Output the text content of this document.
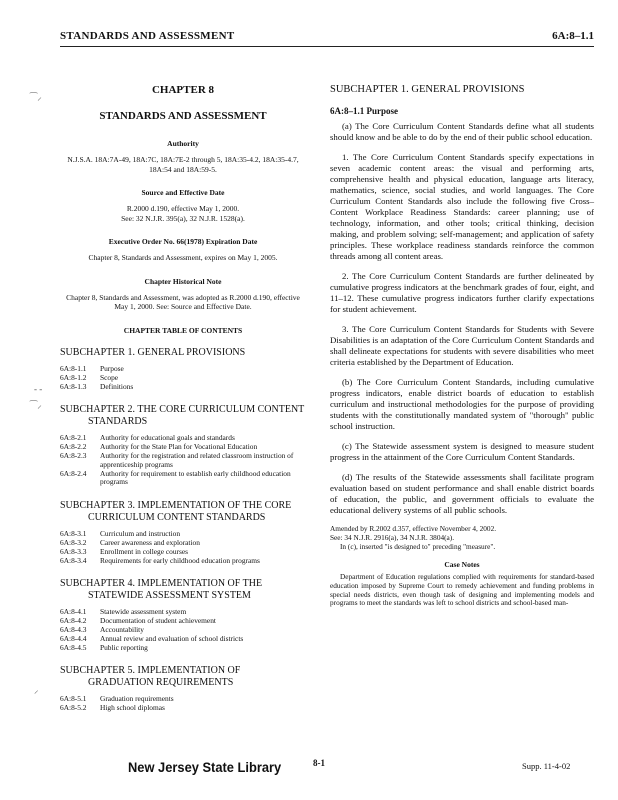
STANDARDS AND ASSESSMENT	6A:8–1.1
⁀⸝
‐ ‐
⁀⸝
⸝
CHAPTER 8
STANDARDS AND ASSESSMENT
Authority
N.J.S.A. 18A:7A-49, 18A:7C, 18A:7E-2 through 5, 18A:35-4.2, 18A:35-4.7, 18A:54 and 18A:59-5.
Source and Effective Date
R.2000 d.190, effective May 1, 2000.
See: 32 N.J.R. 395(a), 32 N.J.R. 1528(a).
Executive Order No. 66(1978) Expiration Date
Chapter 8, Standards and Assessment, expires on May 1, 2005.
Chapter Historical Note
Chapter 8, Standards and Assessment, was adopted as R.2000 d.190, effective May 1, 2000. See: Source and Effective Date.
CHAPTER TABLE OF CONTENTS
SUBCHAPTER 1. GENERAL PROVISIONS
6A:8-1.1	Purpose
6A:8-1.2	Scope
6A:8-1.3	Definitions
SUBCHAPTER 2. THE CORE CURRICULUM CONTENT
STANDARDS
6A:8-2.1	Authority for educational goals and standards
6A:8-2.2	Authority for the State Plan for Vocational Education
6A:8-2.3	Authority for the registration and related classroom instruction of apprenticeship programs
6A:8-2.4	Authority for requirement to establish early childhood education programs
SUBCHAPTER 3. IMPLEMENTATION OF THE CORE
CURRICULUM CONTENT STANDARDS
6A:8-3.1	Curriculum and instruction
6A:8-3.2	Career awareness and exploration
6A:8-3.3	Enrollment in college courses
6A:8-3.4	Requirements for early childhood education programs
SUBCHAPTER 4. IMPLEMENTATION OF THE
STATEWIDE ASSESSMENT SYSTEM
6A:8-4.1	Statewide assessment system
6A:8-4.2	Documentation of student achievement
6A:8-4.3	Accountability
6A:8-4.4	Annual review and evaluation of school districts
6A:8-4.5	Public reporting
SUBCHAPTER 5. IMPLEMENTATION OF
GRADUATION REQUIREMENTS
6A:8-5.1	Graduation requirements
6A:8-5.2	High school diplomas
SUBCHAPTER 1. GENERAL PROVISIONS
6A:8–1.1 Purpose

(a) The Core Curriculum Content Standards define what all students should know and be able to do by the end of their public school education.

1. The Core Curriculum Content Standards specify expectations in seven academic content areas: the visual and performing arts, comprehensive health and physical education, language arts literacy, mathematics, science, social studies, and world languages. The Core Curriculum Content Standards also include the following five Cross–Content Workplace Readiness Standards: career planning; use of technology, information, and other tools; critical thinking, decision making, and problem solving; self-management; and application of safety principles. These workplace readiness standards reinforce the common threads among all content areas.

2. The Core Curriculum Content Standards are further delineated by cumulative progress indicators at the benchmark grades of four, eight, and 11–12. These cumulative progress indicators further clarify expectations for student achievement.

3. The Core Curriculum Content Standards for Students with Severe Disabilities is an adaptation of the Core Curriculum Content Standards and shall delineate expectations for students with severe disabilities who meet criteria established by the Department of Education.

(b) The Core Curriculum Content Standards, including cumulative progress indicators, enable district boards of education to establish curriculum and instructional methodologies for the purpose of providing students with the constitutionally mandated system of "thorough" public school instruction.

(c) The Statewide assessment system is designed to measure student progress in the attainment of the Core Curriculum Content Standards.

(d) The results of the Statewide assessments shall facilitate program evaluation based on student performance and shall enable district boards of education, the public, and government officials to evaluate the educational delivery systems of all public schools.

Amended by R.2002 d.357, effective November 4, 2002.

See: 34 N.J.R. 2916(a), 34 N.J.R. 3804(a).

In (c), inserted "is designed to" preceding "measure".

Case Notes

Department of Education regulations complied with requirements for standard-based education imposed by Supreme Court to remedy achievement and funding problems in special needs districts, even though task of designing and implementing models and programs to meet the standards was left to school districts and school-based man-

New Jersey State Library	8-1	Supp. 11-4-02
